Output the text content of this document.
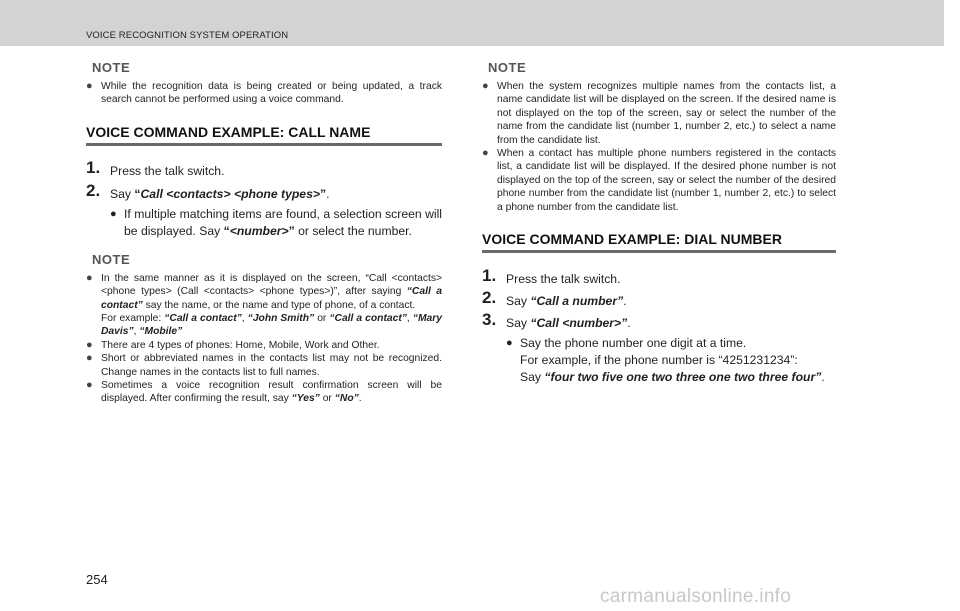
VOICE RECOGNITION SYSTEM OPERATION
NOTE
● While the recognition data is being created or being updated, a track search cannot be performed using a voice command.
VOICE COMMAND EXAMPLE: CALL NAME
1. Press the talk switch.
2. Say “Call <contacts> <phone types>”.
● If multiple matching items are found, a selection screen will be displayed. Say “<number>” or select the number.
NOTE
● In the same manner as it is displayed on the screen, “Call <contacts> <phone types> (Call <contacts> <phone types>)”, after saying “Call a contact” say the name, or the name and type of phone, of a contact.
For example: “Call a contact”, “John Smith” or “Call a contact”, “Mary Davis”, “Mobile”
● There are 4 types of phones: Home, Mobile, Work and Other.
● Short or abbreviated names in the contacts list may not be recognized. Change names in the contacts list to full names.
● Sometimes a voice recognition result confirmation screen will be displayed. After confirming the result, say “Yes” or “No”.
NOTE
● When the system recognizes multiple names from the contacts list, a name candidate list will be displayed on the screen. If the desired name is not displayed on the top of the screen, say or select the number of the name from the candidate list (number 1, number 2, etc.) to select a name from the candidate list.
● When a contact has multiple phone numbers registered in the contacts list, a candidate list will be displayed. If the desired phone number is not displayed on the top of the screen, say or select the number of the desired phone number from the candidate list (number 1, number 2, etc.) to select a phone number from the candidate list.
VOICE COMMAND EXAMPLE: DIAL NUMBER
1. Press the talk switch.
2. Say “Call a number”.
3. Say “Call <number>”.
● Say the phone number one digit at a time.
For example, if the phone number is “4251231234”:
Say “four two five one two three one two three four”.
254
carmanualsonline.info
